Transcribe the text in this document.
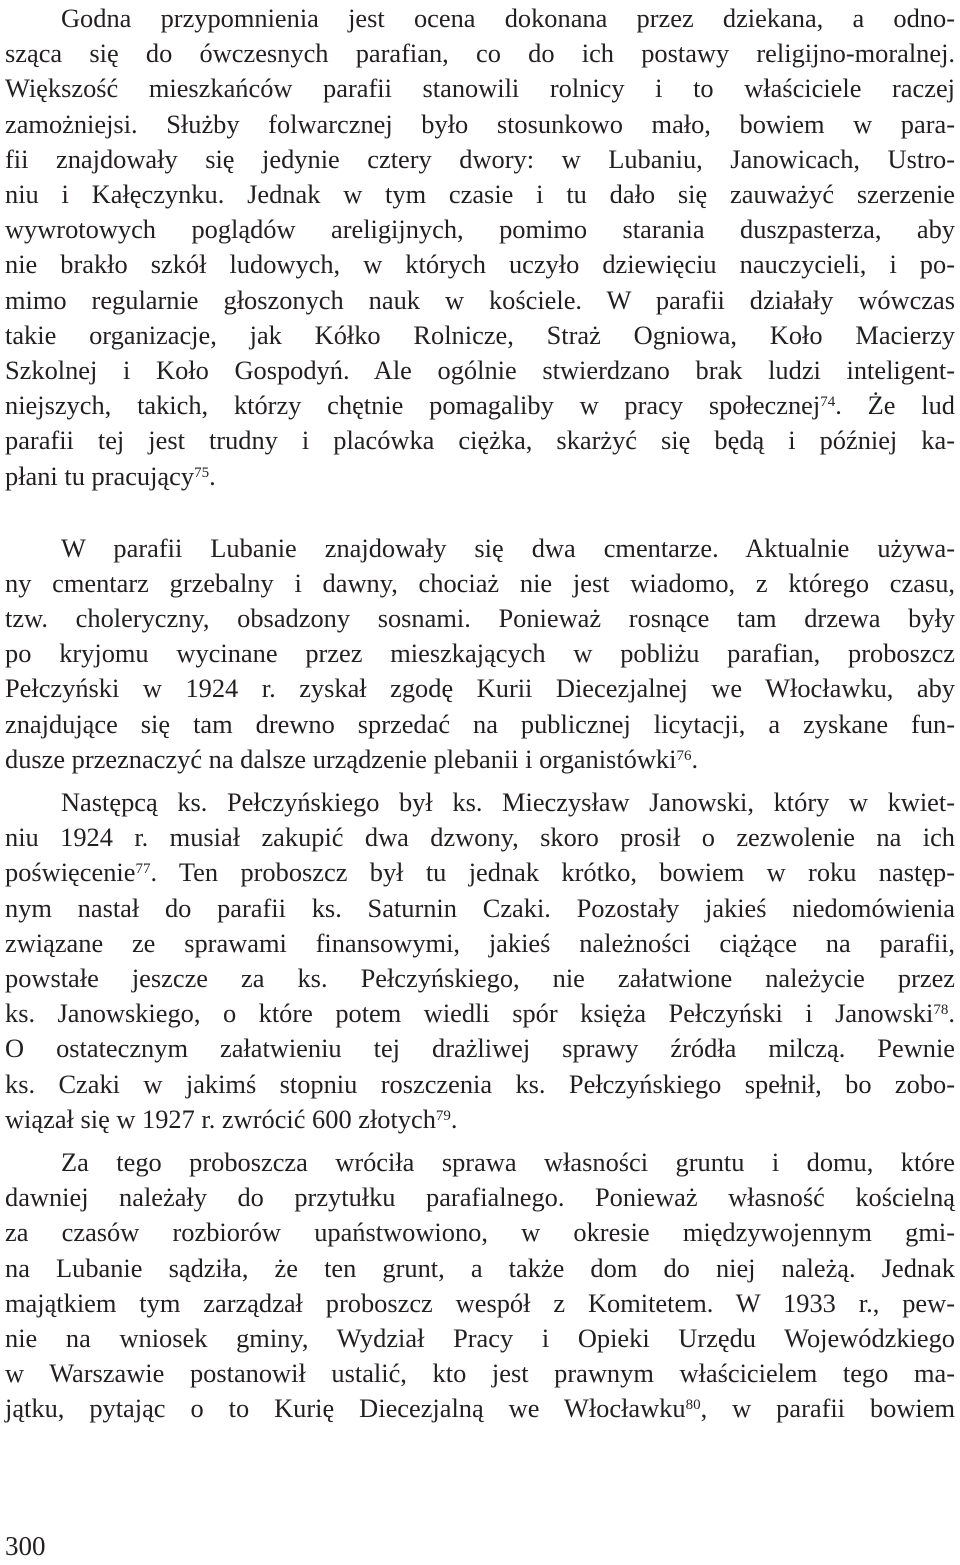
Godna przypomnienia jest ocena dokonana przez dziekana, a odno-
sząca się do ówczesnych parafian, co do ich postawy religijno-moralnej.
Większość mieszkańców parafii stanowili rolnicy i to właściciele raczej
zamożniejsi. Służby folwarcznej było stosunkowo mało, bowiem w para-
fii znajdowały się jedynie cztery dwory: w Lubaniu, Janowicach, Ustro-
niu i Kałęczynku. Jednak w tym czasie i tu dało się zauważyć szerzenie
wywrotowych poglądów areligijnych, pomimo starania duszpasterza, aby
nie brakło szkół ludowych, w których uczyło dziewięciu nauczycieli, i po-
mimo regularnie głoszonych nauk w kościele. W parafii działały wówczas
takie organizacje, jak Kółko Rolnicze, Straż Ogniowa, Koło Macierzy
Szkolnej i Koło Gospodyń. Ale ogólnie stwierdzano brak ludzi inteligent-
niejszych, takich, którzy chętnie pomagaliby w pracy społecznej$^{74}$. Że lud
parafii tej jest trudny i placówka ciężka, skarżyć się będą i później ka-
płani tu pracujący$^{75}$.
W parafii Lubanie znajdowały się dwa cmentarze. Aktualnie używa-
ny cmentarz grzebalny i dawny, chociaż nie jest wiadomo, z którego czasu,
tzw. choleryczny, obsadzony sosnami. Ponieważ rosnące tam drzewa były
po kryjomu wycinane przez mieszkających w pobliżu parafian, proboszcz
Pełczyński w 1924 r. zyskał zgodę Kurii Diecezjalnej we Włocławku, aby
znajdujące się tam drewno sprzedać na publicznej licytacji, a zyskane fun-
dusze przeznaczyć na dalsze urządzenie plebanii i organistówki$^{76}$.
Następcą ks. Pełczyńskiego był ks. Mieczysław Janowski, który w kwiet-
niu 1924 r. musiał zakupić dwa dzwony, skoro prosił o zezwolenie na ich
poświęcenie$^{77}$. Ten proboszcz był tu jednak krótko, bowiem w roku następ-
nym nastał do parafii ks. Saturnin Czaki. Pozostały jakieś niedomówienia
związane ze sprawami finansowymi, jakieś należności ciążące na parafii,
powstałe jeszcze za ks. Pełczyńskiego, nie załatwione należycie przez
ks. Janowskiego, o które potem wiedli spór księża Pełczyński i Janowski$^{78}$.
O ostatecznym załatwieniu tej drażliwej sprawy źródła milczą. Pewnie
ks. Czaki w jakimś stopniu roszczenia ks. Pełczyńskiego spełnił, bo zobo-
wiązał się w 1927 r. zwrócić 600 złotych$^{79}$.
Za tego proboszcza wróciła sprawa własności gruntu i domu, które
dawniej należały do przytułku parafialnego. Ponieważ własność kościelną
za czasów rozbiorów upaństwowiono, w okresie międzywojennym gmi-
na Lubanie sądziła, że ten grunt, a także dom do niej należą. Jednak
majątkiem tym zarządzał proboszcz wespół z Komitetem. W 1933 r., pew-
nie na wniosek gminy, Wydział Pracy i Opieki Urzędu Wojewódzkiego
w Warszawie postanowił ustalić, kto jest prawnym właścicielem tego ma-
jątku, pytając o to Kurię Diecezjalną we Włocławku$^{80}$, w parafii bowiem
300
